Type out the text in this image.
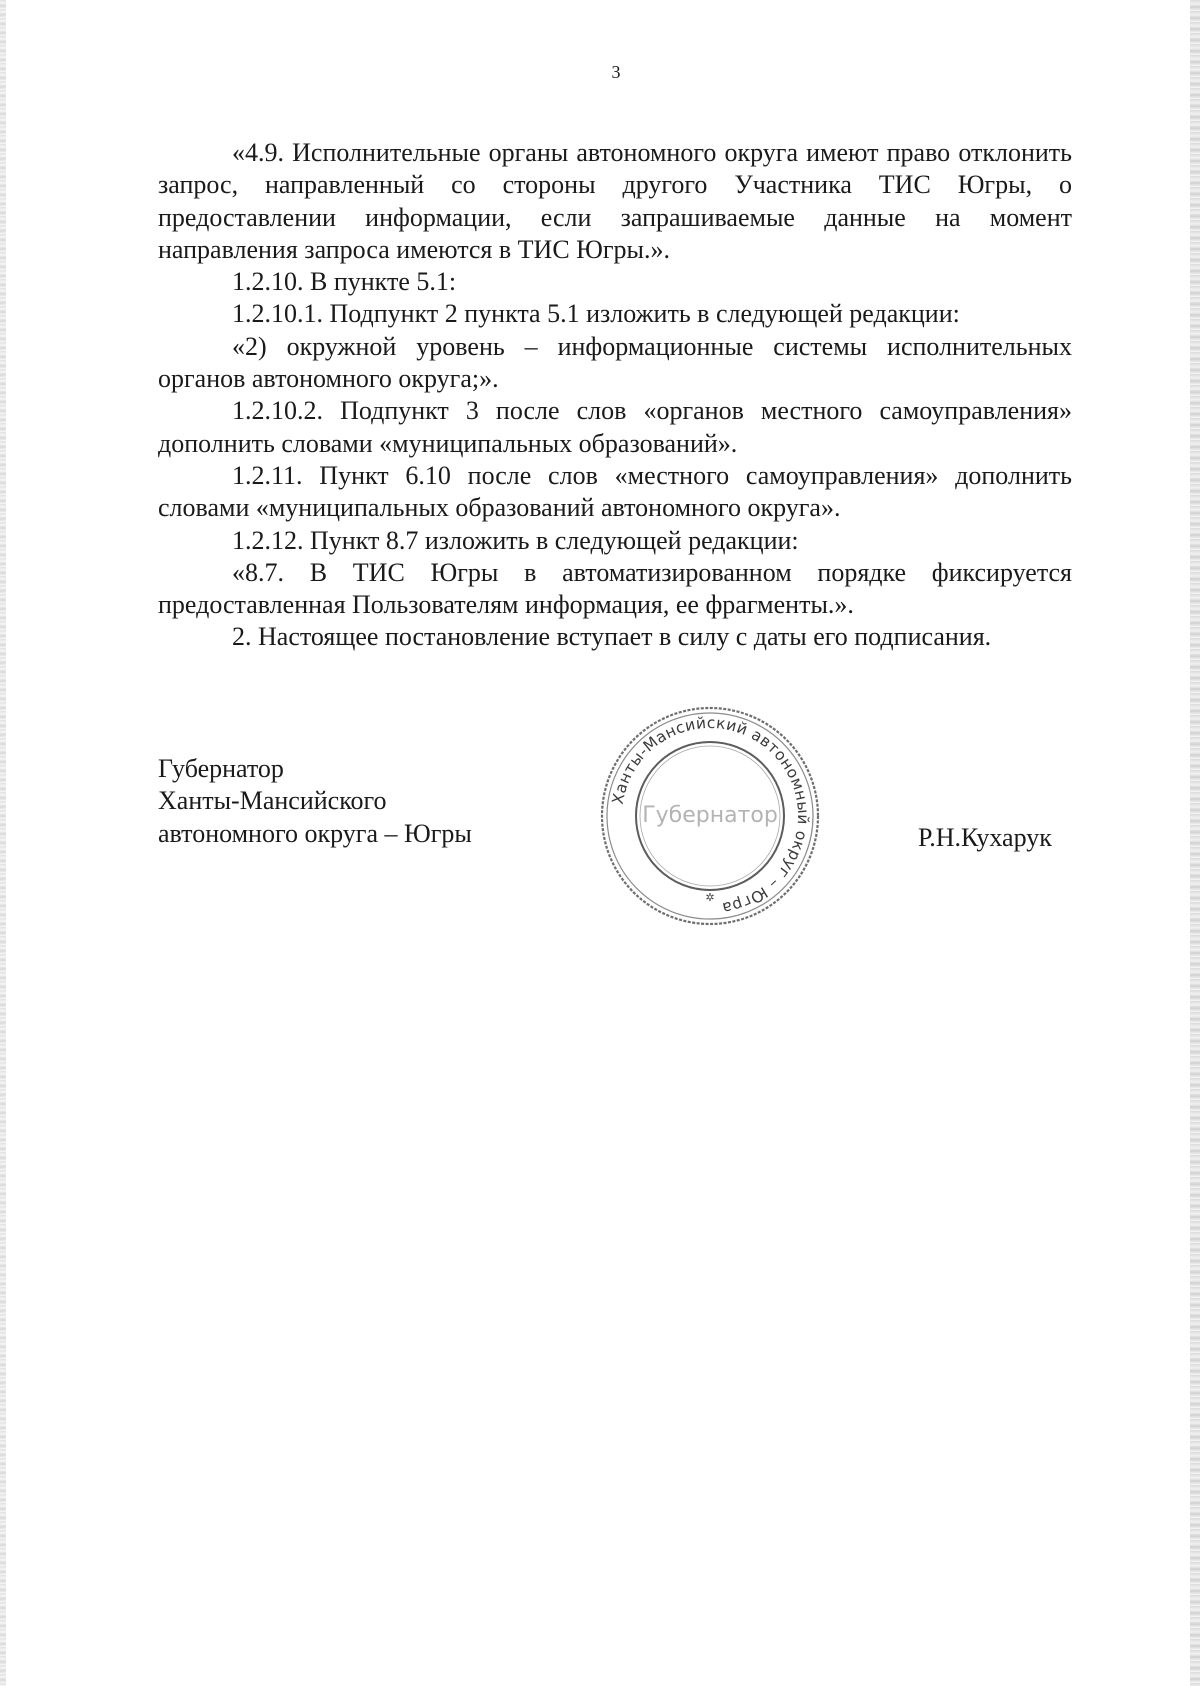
3

«4.9. Исполнительные органы автономного округа имеют право отклонить запрос, направленный со стороны другого Участника ТИС Югры, о предоставлении информации, если запрашиваемые данные на момент направления запроса имеются в ТИС Югры.».

1.2.10. В пункте 5.1:

1.2.10.1. Подпункт 2 пункта 5.1 изложить в следующей редакции:

«2) окружной уровень – информационные системы исполнительных органов автономного округа;».

1.2.10.2. Подпункт 3 после слов «органов местного самоуправления» дополнить словами «муниципальных образований».

1.2.11. Пункт 6.10 после слов «местного самоуправления» дополнить словами «муниципальных образований автономного округа».

1.2.12. Пункт 8.7 изложить в следующей редакции:

«8.7. В ТИС Югры в автоматизированном порядке фиксируется предоставленная Пользователям информация, ее фрагменты.».

2. Настоящее постановление вступает в силу с даты его подписания.

Губернатор
Ханты-Мансийского
автономного округа – Югры	Р.Н.Кухарук
Ханты-Мансийский автономный округ – Югра
Губернатор
✲
